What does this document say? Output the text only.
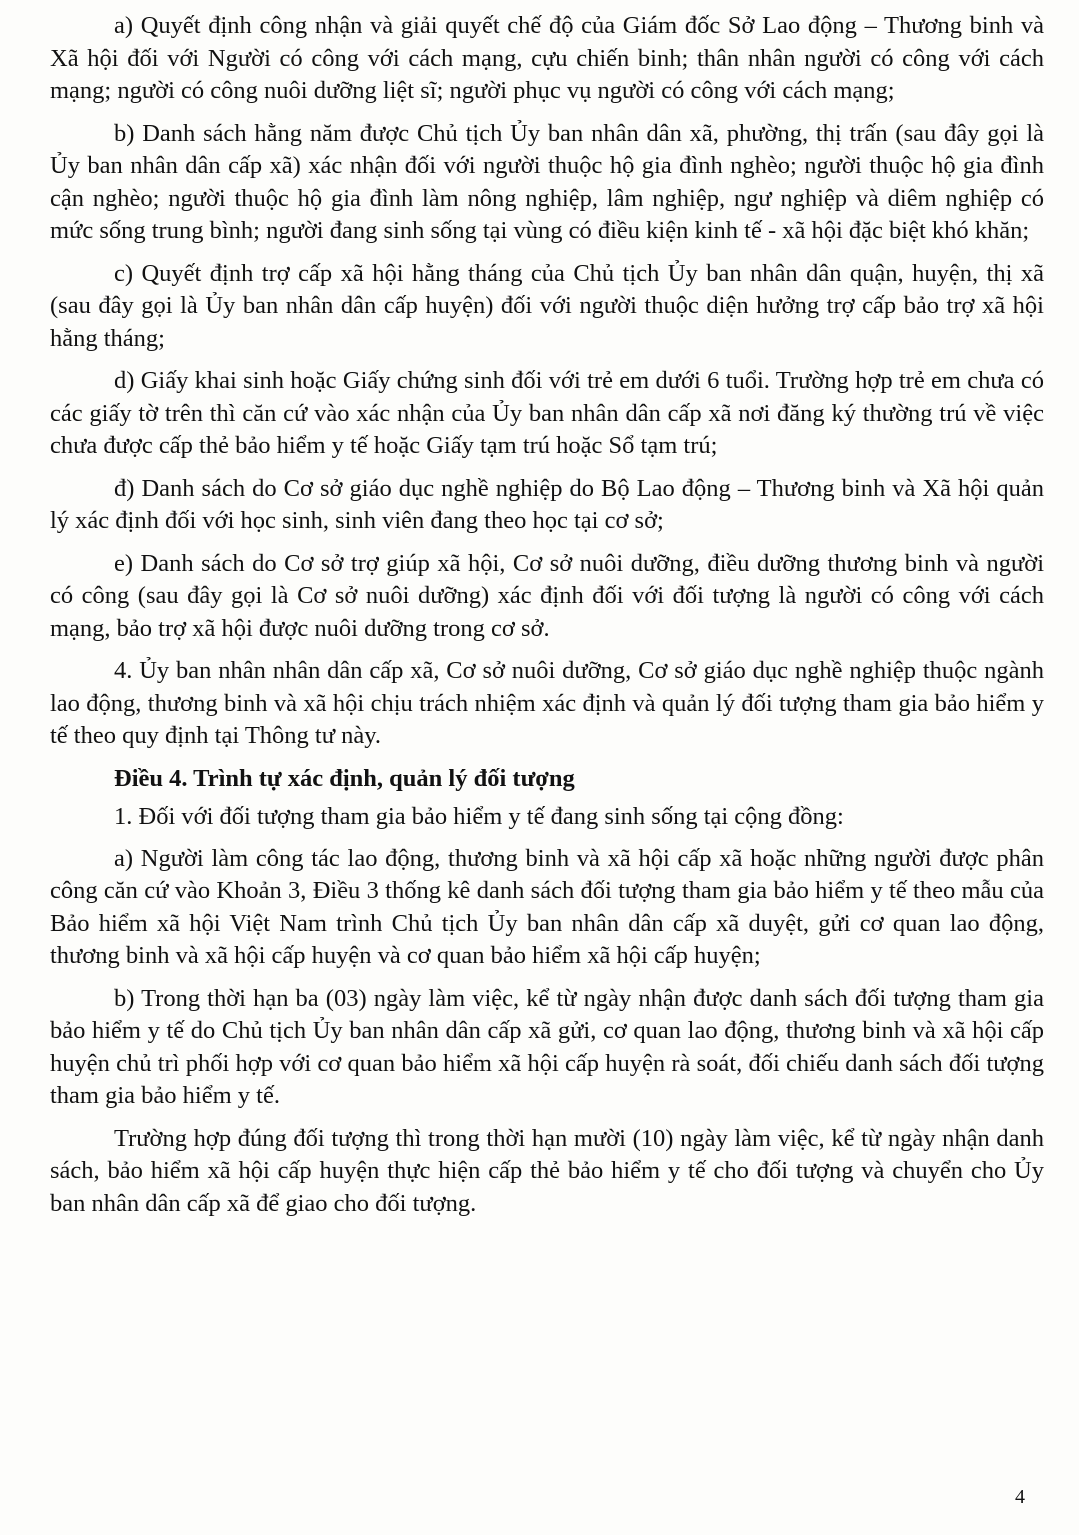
a) Quyết định công nhận và giải quyết chế độ của Giám đốc Sở Lao động – Thương binh và Xã hội đối với Người có công với cách mạng, cựu chiến binh; thân nhân người có công với cách mạng; người có công nuôi dưỡng liệt sĩ; người phục vụ người có công với cách mạng;

b) Danh sách hằng năm được Chủ tịch Ủy ban nhân dân xã, phường, thị trấn (sau đây gọi là Ủy ban nhân dân cấp xã) xác nhận đối với người thuộc hộ gia đình nghèo; người thuộc hộ gia đình cận nghèo; người thuộc hộ gia đình làm nông nghiệp, lâm nghiệp, ngư nghiệp và diêm nghiệp có mức sống trung bình; người đang sinh sống tại vùng có điều kiện kinh tế - xã hội đặc biệt khó khăn;

c) Quyết định trợ cấp xã hội hằng tháng của Chủ tịch Ủy ban nhân dân quận, huyện, thị xã (sau đây gọi là Ủy ban nhân dân cấp huyện) đối với người thuộc diện hưởng trợ cấp bảo trợ xã hội hằng tháng;

d) Giấy khai sinh hoặc Giấy chứng sinh đối với trẻ em dưới 6 tuổi. Trường hợp trẻ em chưa có các giấy tờ trên thì căn cứ vào xác nhận của Ủy ban nhân dân cấp xã nơi đăng ký thường trú về việc chưa được cấp thẻ bảo hiểm y tế hoặc Giấy tạm trú hoặc Sổ tạm trú;

đ) Danh sách do Cơ sở giáo dục nghề nghiệp do Bộ Lao động – Thương binh và Xã hội quản lý xác định đối với học sinh, sinh viên đang theo học tại cơ sở;

e) Danh sách do Cơ sở trợ giúp xã hội, Cơ sở nuôi dưỡng, điều dưỡng thương binh và người có công (sau đây gọi là Cơ sở nuôi dưỡng) xác định đối với đối tượng là người có công với cách mạng, bảo trợ xã hội được nuôi dưỡng trong cơ sở.

4. Ủy ban nhân nhân dân cấp xã, Cơ sở nuôi dưỡng, Cơ sở giáo dục nghề nghiệp thuộc ngành lao động, thương binh và xã hội chịu trách nhiệm xác định và quản lý đối tượng tham gia bảo hiểm y tế theo quy định tại Thông tư này.

Điều 4. Trình tự xác định, quản lý đối tượng

1. Đối với đối tượng tham gia bảo hiểm y tế đang sinh sống tại cộng đồng:

a) Người làm công tác lao động, thương binh và xã hội cấp xã hoặc những người được phân công căn cứ vào Khoản 3, Điều 3 thống kê danh sách đối tượng tham gia bảo hiểm y tế theo mẫu của Bảo hiểm xã hội Việt Nam trình Chủ tịch Ủy ban nhân dân cấp xã duyệt, gửi cơ quan lao động, thương binh và xã hội cấp huyện và cơ quan bảo hiểm xã hội cấp huyện;

b) Trong thời hạn ba (03) ngày làm việc, kể từ ngày nhận được danh sách đối tượng tham gia bảo hiểm y tế do Chủ tịch Ủy ban nhân dân cấp xã gửi, cơ quan lao động, thương binh và xã hội cấp huyện chủ trì phối hợp với cơ quan bảo hiểm xã hội cấp huyện rà soát, đối chiếu danh sách đối tượng tham gia bảo hiểm y tế.

Trường hợp đúng đối tượng thì trong thời hạn mười (10) ngày làm việc, kể từ ngày nhận danh sách, bảo hiểm xã hội cấp huyện thực hiện cấp thẻ bảo hiểm y tế cho đối tượng và chuyển cho Ủy ban nhân dân cấp xã để giao cho đối tượng.

4
